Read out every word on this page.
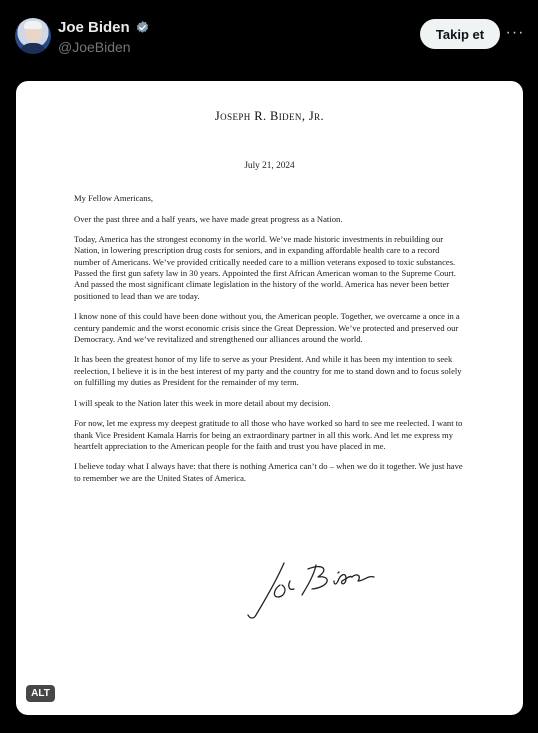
Joe Biden
@JoeBiden
Takip et	···
Joseph R. Biden, Jr.
July 21, 2024

My Fellow Americans,

Over the past three and a half years, we have made great progress as a Nation.

Today, America has the strongest economy in the world. We’ve made historic investments in rebuilding our Nation, in lowering prescription drug costs for seniors, and in expanding affordable health care to a record number of Americans. We’ve provided critically needed care to a million veterans exposed to toxic substances. Passed the first gun safety law in 30 years. Appointed the first African American woman to the Supreme Court. And passed the most significant climate legislation in the history of the world. America has never been better positioned to lead than we are today.

I know none of this could have been done without you, the American people. Together, we overcame a once in a century pandemic and the worst economic crisis since the Great Depression. We’ve protected and preserved our Democracy. And we’ve revitalized and strengthened our alliances around the world.

It has been the greatest honor of my life to serve as your President. And while it has been my intention to seek reelection, I believe it is in the best interest of my party and the country for me to stand down and to focus solely on fulfilling my duties as President for the remainder of my term.

I will speak to the Nation later this week in more detail about my decision.

For now, let me express my deepest gratitude to all those who have worked so hard to see me reelected. I want to thank Vice President Kamala Harris for being an extraordinary partner in all this work. And let me express my heartfelt appreciation to the American people for the faith and trust you have placed in me.

I believe today what I always have: that there is nothing America can’t do – when we do it together. We just have to remember we are the United States of America.

ALT
